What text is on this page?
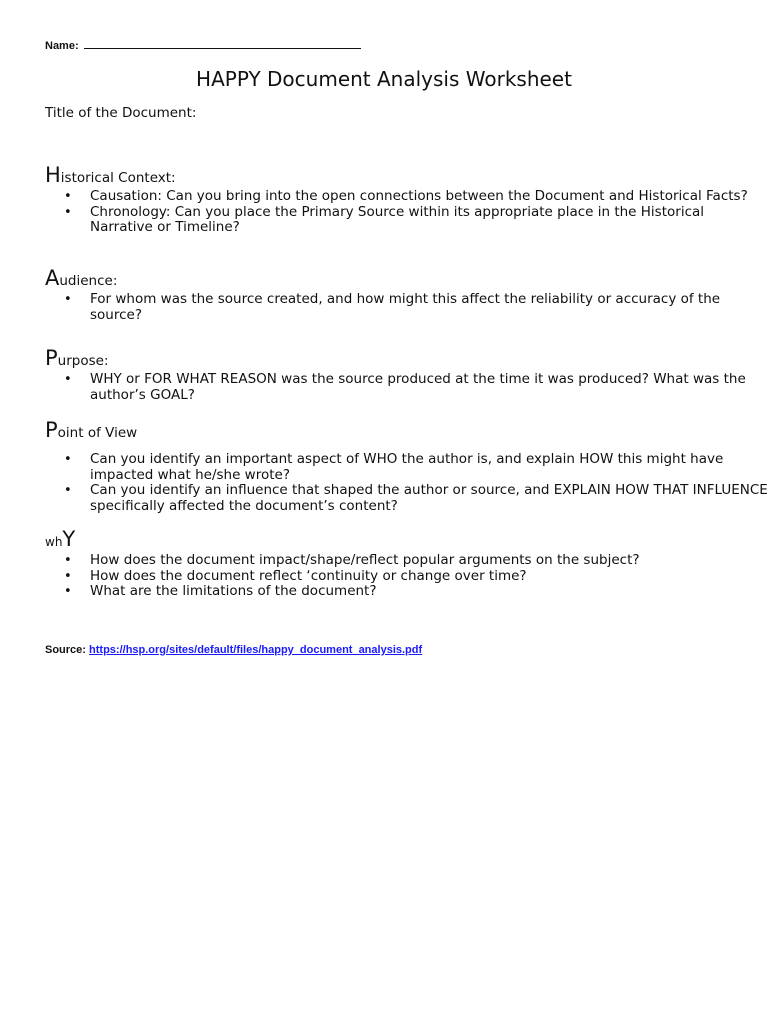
Name:
HAPPY Document Analysis Worksheet
Title of the Document:
Historical Context:
• Causation: Can you bring into the open connections between the Document and Historical Facts?
• Chronology: Can you place the Primary Source within its appropriate place in the Historical Narrative or Timeline?
Audience:
• For whom was the source created, and how might this affect the reliability or accuracy of the source?
Purpose:
• WHY or FOR WHAT REASON was the source produced at the time it was produced? What was the author’s GOAL?
Point of View
• Can you identify an important aspect of WHO the author is, and explain HOW this might have impacted what he/she wrote?
• Can you identify an influence that shaped the author or source, and EXPLAIN HOW THAT INFLUENCE specifically affected the document’s content?
whY
• How does the document impact/shape/reflect popular arguments on the subject?
• How does the document reflect ‘continuity or change over time?
• What are the limitations of the document?
Source: https://hsp.org/sites/default/files/happy_document_analysis.pdf
